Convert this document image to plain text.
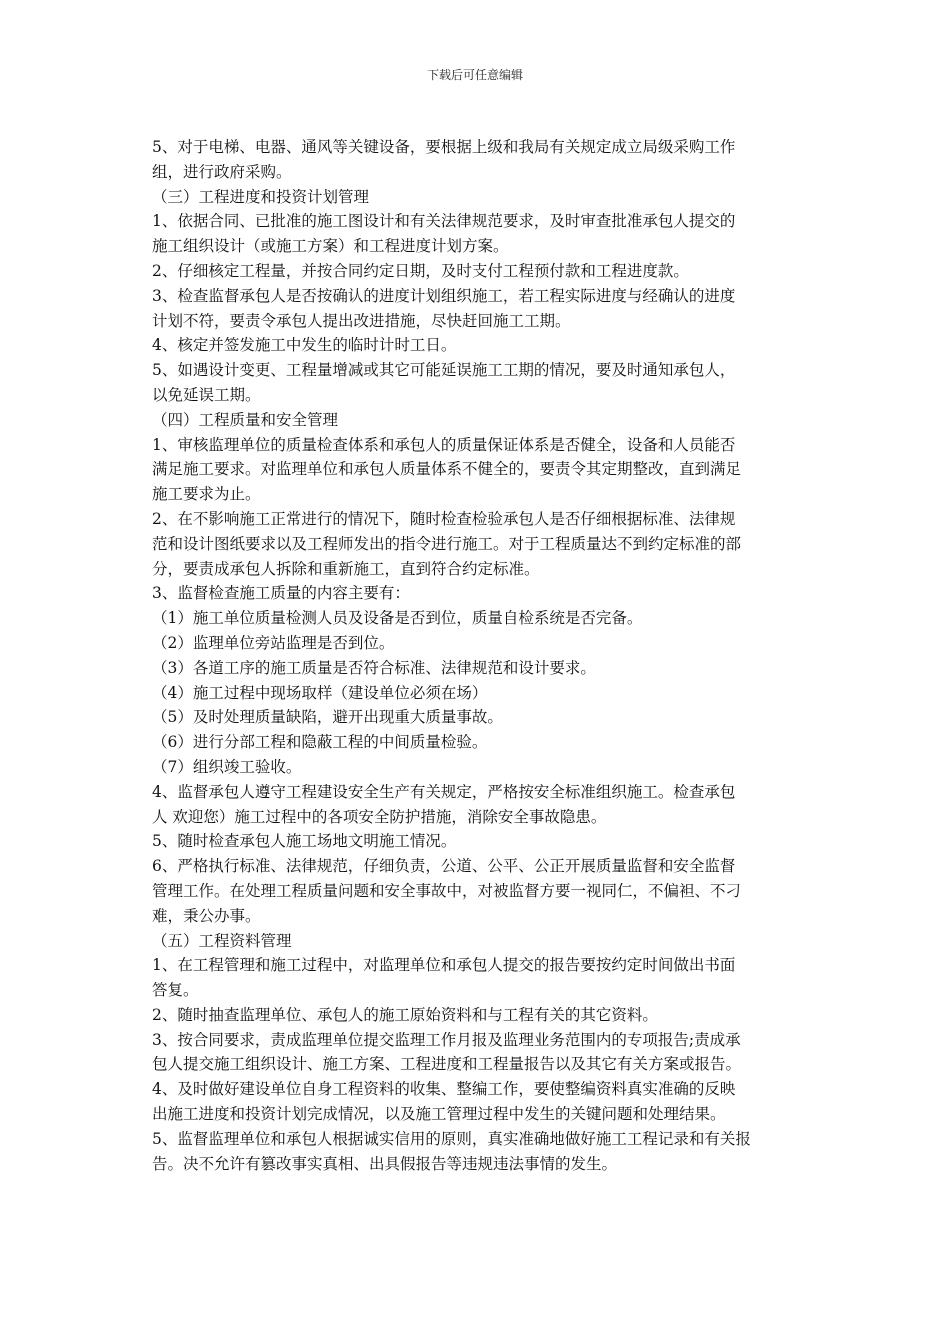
下载后可任意编辑

5、对于电梯、电器、通风等关键设备，要根据上级和我局有关规定成立局级采购工作

组，进行政府采购。

（三）工程进度和投资计划管理

1、依据合同、已批准的施工图设计和有关法律规范要求，及时审查批准承包人提交的

施工组织设计（或施工方案）和工程进度计划方案。

2、仔细核定工程量，并按合同约定日期，及时支付工程预付款和工程进度款。

3、检查监督承包人是否按确认的进度计划组织施工，若工程实际进度与经确认的进度

计划不符，要责令承包人提出改进措施，尽快赶回施工工期。

4、核定并签发施工中发生的临时计时工日。

5、如遇设计变更、工程量增减或其它可能延误施工工期的情况，要及时通知承包人，

以免延误工期。

（四）工程质量和安全管理

1、审核监理单位的质量检查体系和承包人的质量保证体系是否健全，设备和人员能否

满足施工要求。对监理单位和承包人质量体系不健全的，要责令其定期整改，直到满足

施工要求为止。

2、在不影响施工正常进行的情况下，随时检查检验承包人是否仔细根据标准、法律规

范和设计图纸要求以及工程师发出的指令进行施工。对于工程质量达不到约定标准的部

分，要责成承包人拆除和重新施工，直到符合约定标准。

3、监督检查施工质量的内容主要有：

（1）施工单位质量检测人员及设备是否到位，质量自检系统是否完备。

（2）监理单位旁站监理是否到位。

（3）各道工序的施工质量是否符合标准、法律规范和设计要求。

（4）施工过程中现场取样（建设单位必须在场）

（5）及时处理质量缺陷，避开出现重大质量事故。

（6）进行分部工程和隐蔽工程的中间质量检验。

（7）组织竣工验收。

4、监督承包人遵守工程建设安全生产有关规定，严格按安全标准组织施工。检查承包

人 欢迎您）施工过程中的各项安全防护措施，消除安全事故隐患。

5、随时检查承包人施工场地文明施工情况。

6、严格执行标准、法律规范，仔细负责，公道、公平、公正开展质量监督和安全监督

管理工作。在处理工程质量问题和安全事故中，对被监督方要一视同仁，不偏袒、不刁

难，秉公办事。

（五）工程资料管理

1、在工程管理和施工过程中，对监理单位和承包人提交的报告要按约定时间做出书面

答复。

2、随时抽查监理单位、承包人的施工原始资料和与工程有关的其它资料。

3、按合同要求，责成监理单位提交监理工作月报及监理业务范围内的专项报告;责成承

包人提交施工组织设计、施工方案、工程进度和工程量报告以及其它有关方案或报告。

4、及时做好建设单位自身工程资料的收集、整编工作，要使整编资料真实准确的反映

出施工进度和投资计划完成情况，以及施工管理过程中发生的关键问题和处理结果。

5、监督监理单位和承包人根据诚实信用的原则，真实准确地做好施工工程记录和有关报

告。决不允许有篡改事实真相、出具假报告等违规违法事情的发生。
